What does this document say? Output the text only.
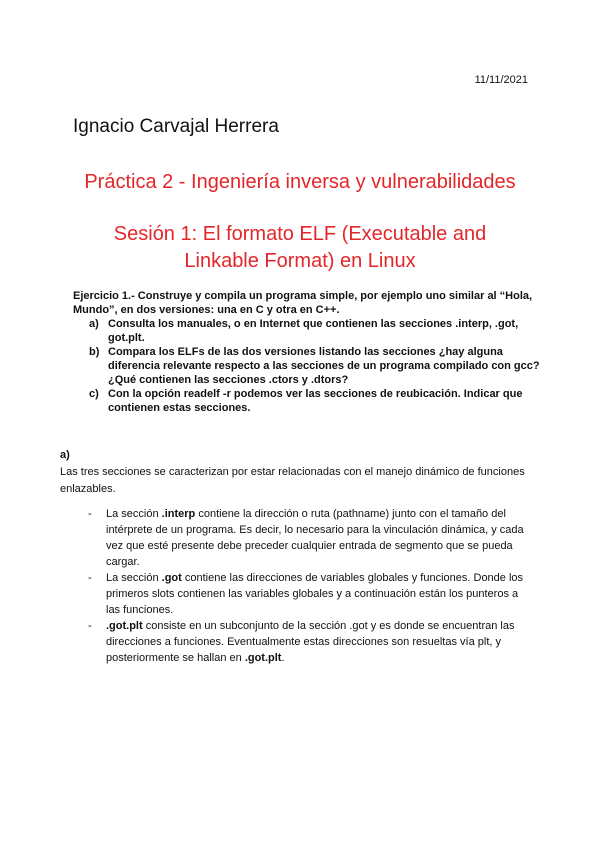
11/11/2021
Ignacio Carvajal Herrera
Práctica 2 - Ingeniería inversa y vulnerabilidades
Sesión 1: El formato ELF (Executable and
Linkable Format) en Linux

Ejercicio 1.- Construye y compila un programa simple, por ejemplo uno similar al “Hola, Mundo”, en dos versiones: una en C y otra en C++.

a) Consulta los manuales, o en Internet que contienen las secciones .interp, .got, got.plt.
b) Compara los ELFs de las dos versiones listando las secciones ¿hay alguna diferencia relevante respecto a las secciones de un programa compilado con gcc? ¿Qué contienen las secciones .ctors y .dtors?
c) Con la opción readelf -r podemos ver las secciones de reubicación. Indicar que contienen estas secciones.
a)
Las tres secciones se caracterizan por estar relacionadas con el manejo dinámico de funciones enlazables.
- La sección .interp contiene la dirección o ruta (pathname) junto con el tamaño del intérprete de un programa. Es decir, lo necesario para la vinculación dinámica, y cada vez que esté presente debe preceder cualquier entrada de segmento que se pueda cargar.
- La sección .got contiene las direcciones de variables globales y funciones. Donde los primeros slots contienen las variables globales y a continuación están los punteros a las funciones.
- .got.plt consiste en un subconjunto de la sección .got y es donde se encuentran las direcciones a funciones. Eventualmente estas direcciones son resueltas vía plt, y posteriormente se hallan en .got.plt.
